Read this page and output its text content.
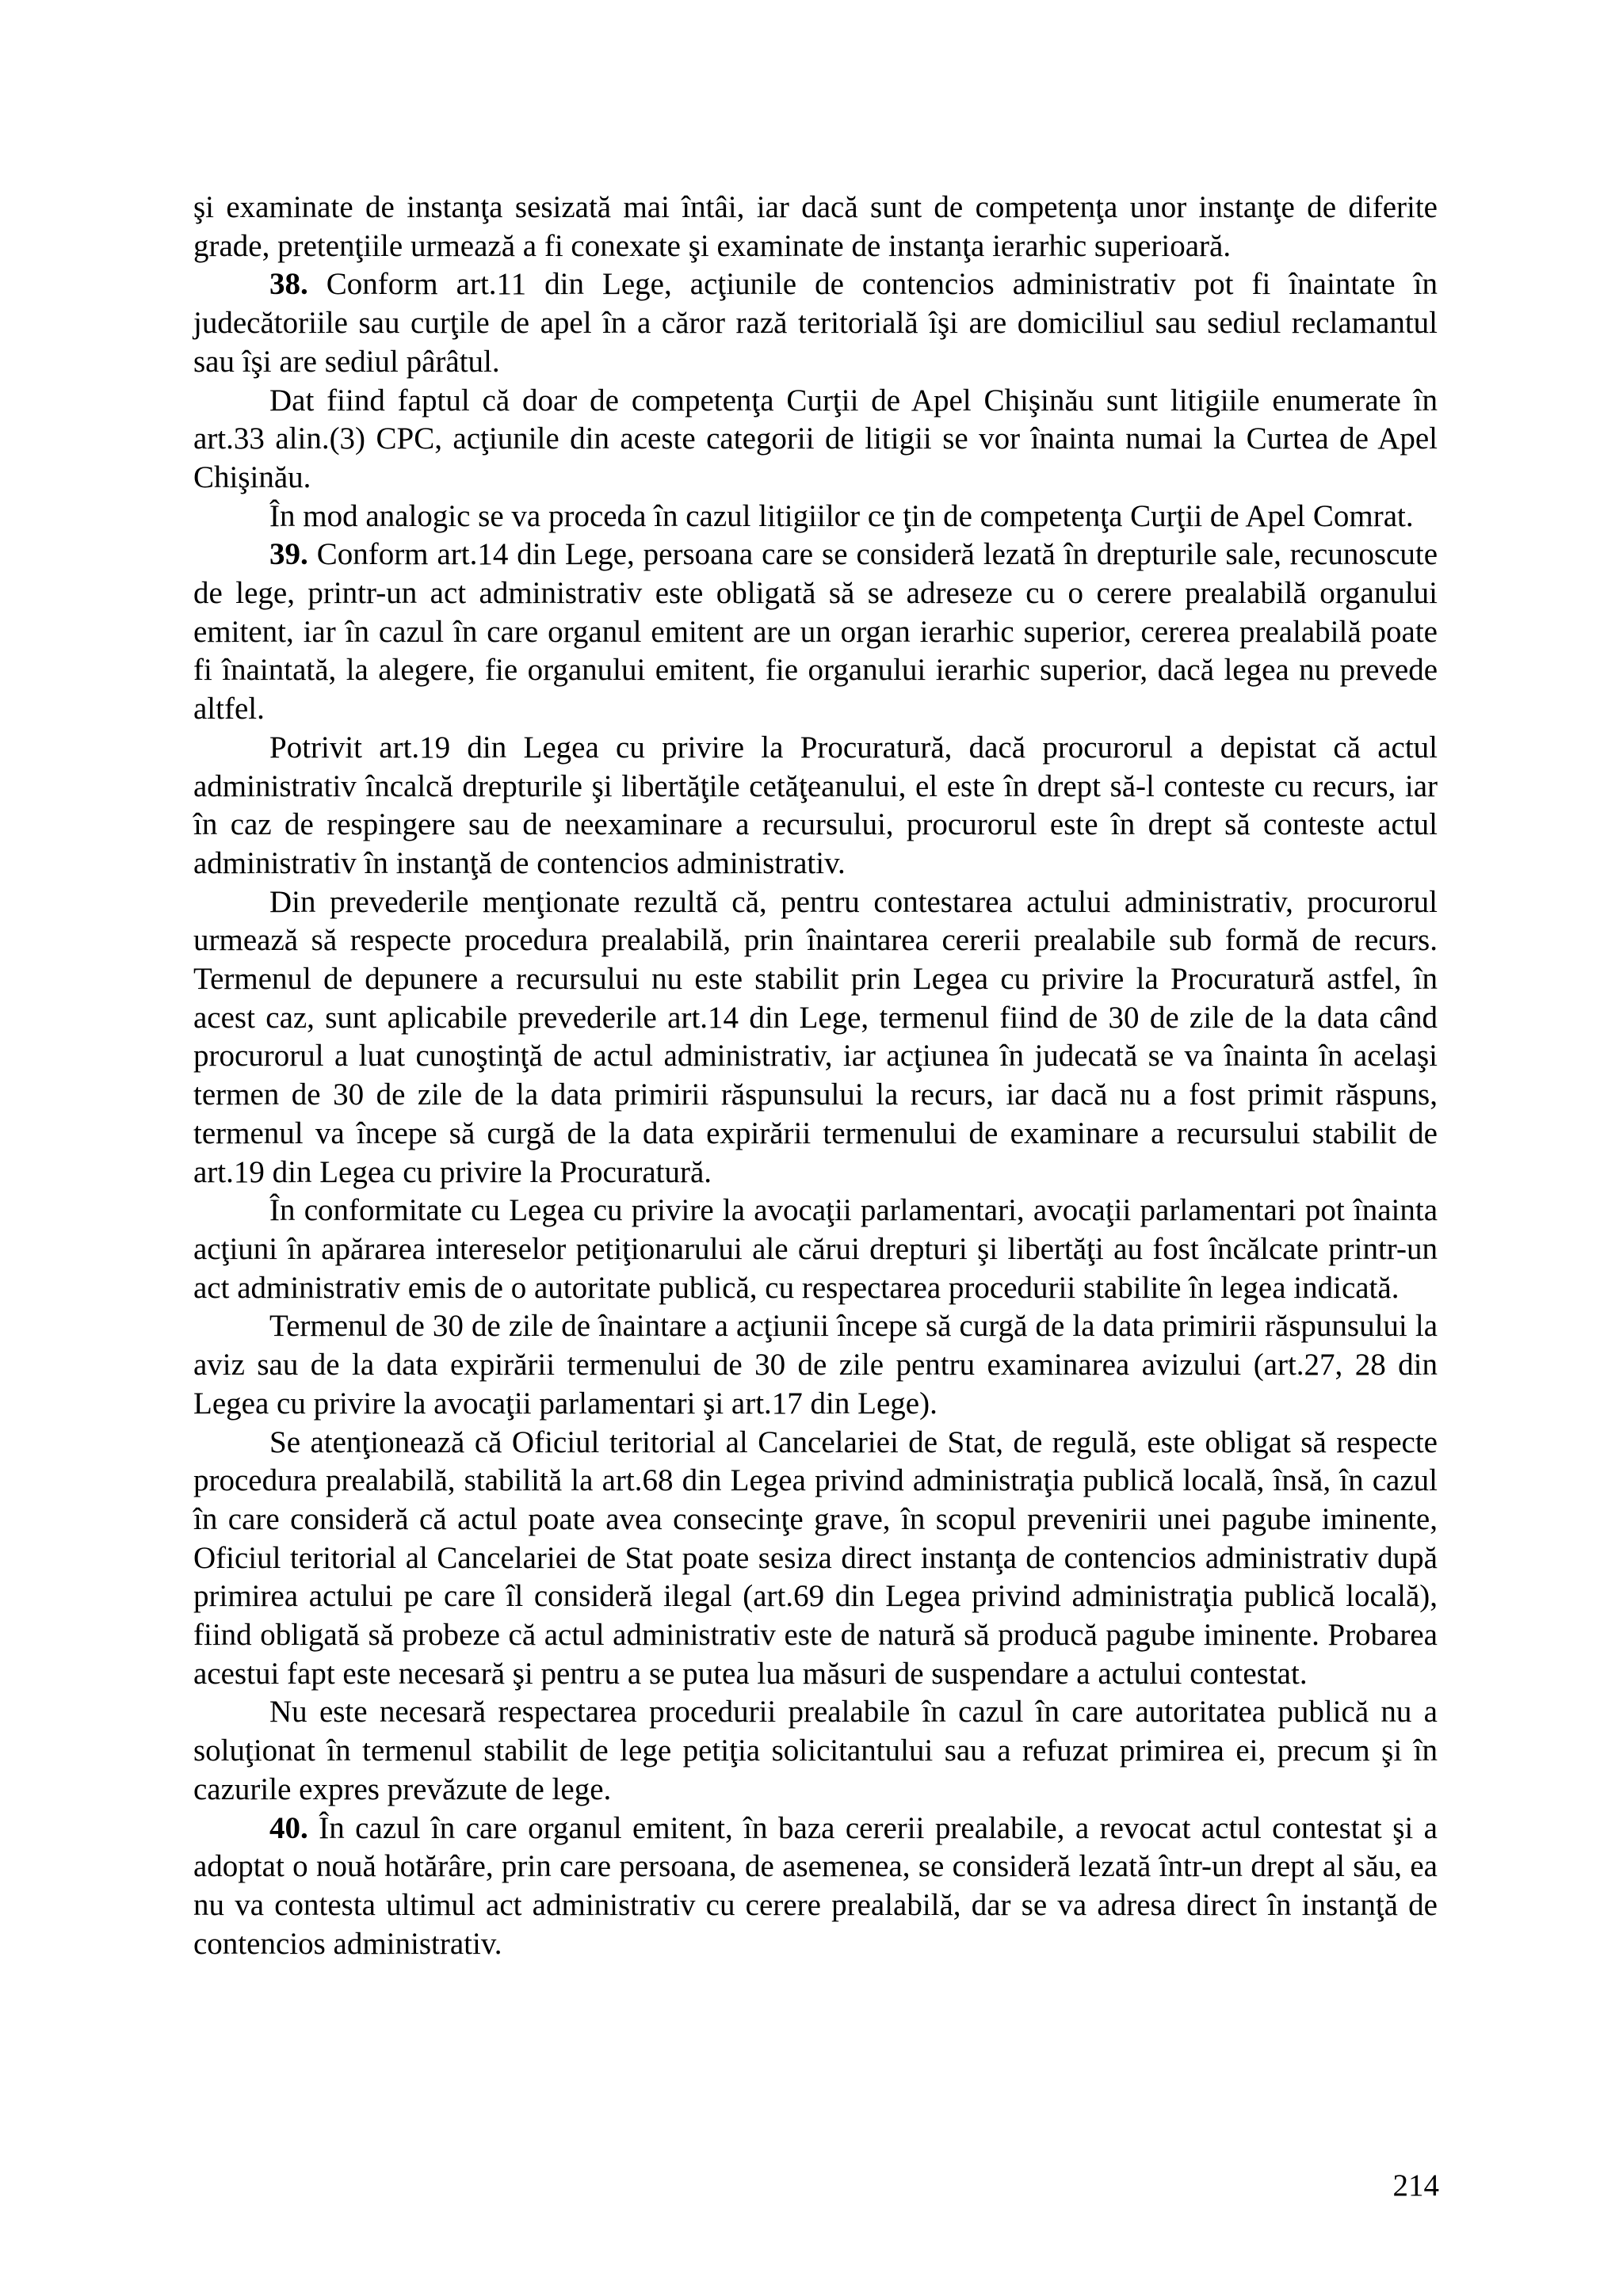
şi examinate de instanţa sesizată mai întâi, iar dacă sunt de competenţa unor instanţe de diferite grade, pretenţiile urmează a fi conexate şi examinate de instanţa ierarhic superioară.

38. Conform art.11 din Lege, acţiunile de contencios administrativ pot fi înaintate în judecătoriile sau curţile de apel în a căror rază teritorială îşi are domiciliul sau sediul reclamantul sau îşi are sediul pârâtul.

Dat fiind faptul că doar de competenţa Curţii de Apel Chişinău sunt litigiile enumerate în art.33 alin.(3) CPC, acţiunile din aceste categorii de litigii se vor înainta numai la Curtea de Apel Chişinău.

În mod analogic se va proceda în cazul litigiilor ce ţin de competenţa Curţii de Apel Comrat.

39. Conform art.14 din Lege, persoana care se consideră lezată în drepturile sale, recunoscute de lege, printr-un act administrativ este obligată să se adreseze cu o cerere prealabilă organului emitent, iar în cazul în care organul emitent are un organ ierarhic superior, cererea prealabilă poate fi înaintată, la alegere, fie organului emitent, fie organului ierarhic superior, dacă legea nu prevede altfel.

Potrivit art.19 din Legea cu privire la Procuratură, dacă procurorul a depistat că actul administrativ încalcă drepturile şi libertăţile cetăţeanului, el este în drept să-l conteste cu recurs, iar în caz de respingere sau de neexaminare a recursului, procurorul este în drept să conteste actul administrativ în instanţă de contencios administrativ.

Din prevederile menţionate rezultă că, pentru contestarea actului administrativ, procurorul urmează să respecte procedura prealabilă, prin înaintarea cererii prealabile sub formă de recurs. Termenul de depunere a recursului nu este stabilit prin Legea cu privire la Procuratură astfel, în acest caz, sunt aplicabile prevederile art.14 din Lege, termenul fiind de 30 de zile de la data când procurorul a luat cunoştinţă de actul administrativ, iar acţiunea în judecată se va înainta în acelaşi termen de 30 de zile de la data primirii răspunsului la recurs, iar dacă nu a fost primit răspuns, termenul va începe să curgă de la data expirării termenului de examinare a recursului stabilit de art.19 din Legea cu privire la Procuratură.

În conformitate cu Legea cu privire la avocaţii parlamentari, avocaţii parlamentari pot înainta acţiuni în apărarea intereselor petiţionarului ale cărui drepturi şi libertăţi au fost încălcate printr-un act administrativ emis de o autoritate publică, cu respectarea procedurii stabilite în legea indicată.

Termenul de 30 de zile de înaintare a acţiunii începe să curgă de la data primirii răspunsului la aviz sau de la data expirării termenului de 30 de zile pentru examinarea avizului (art.27, 28 din Legea cu privire la avocaţii parlamentari şi art.17 din Lege).

Se atenţionează că Oficiul teritorial al Cancelariei de Stat, de regulă, este obligat să respecte procedura prealabilă, stabilită la art.68 din Legea privind administraţia publică locală, însă, în cazul în care consideră că actul poate avea consecinţe grave, în scopul prevenirii unei pagube iminente, Oficiul teritorial al Cancelariei de Stat poate sesiza direct instanţa de contencios administrativ după primirea actului pe care îl consideră ilegal (art.69 din Legea privind administraţia publică locală), fiind obligată să probeze că actul administrativ este de natură să producă pagube iminente. Probarea acestui fapt este necesară şi pentru a se putea lua măsuri de suspendare a actului contestat.

Nu este necesară respectarea procedurii prealabile în cazul în care autoritatea publică nu a soluţionat în termenul stabilit de lege petiţia solicitantului sau a refuzat primirea ei, precum şi în cazurile expres prevăzute de lege.

40. În cazul în care organul emitent, în baza cererii prealabile, a revocat actul contestat şi a adoptat o nouă hotărâre, prin care persoana, de asemenea, se consideră lezată într-un drept al său, ea nu va contesta ultimul act administrativ cu cerere prealabilă, dar se va adresa direct în instanţă de contencios administrativ.

214
